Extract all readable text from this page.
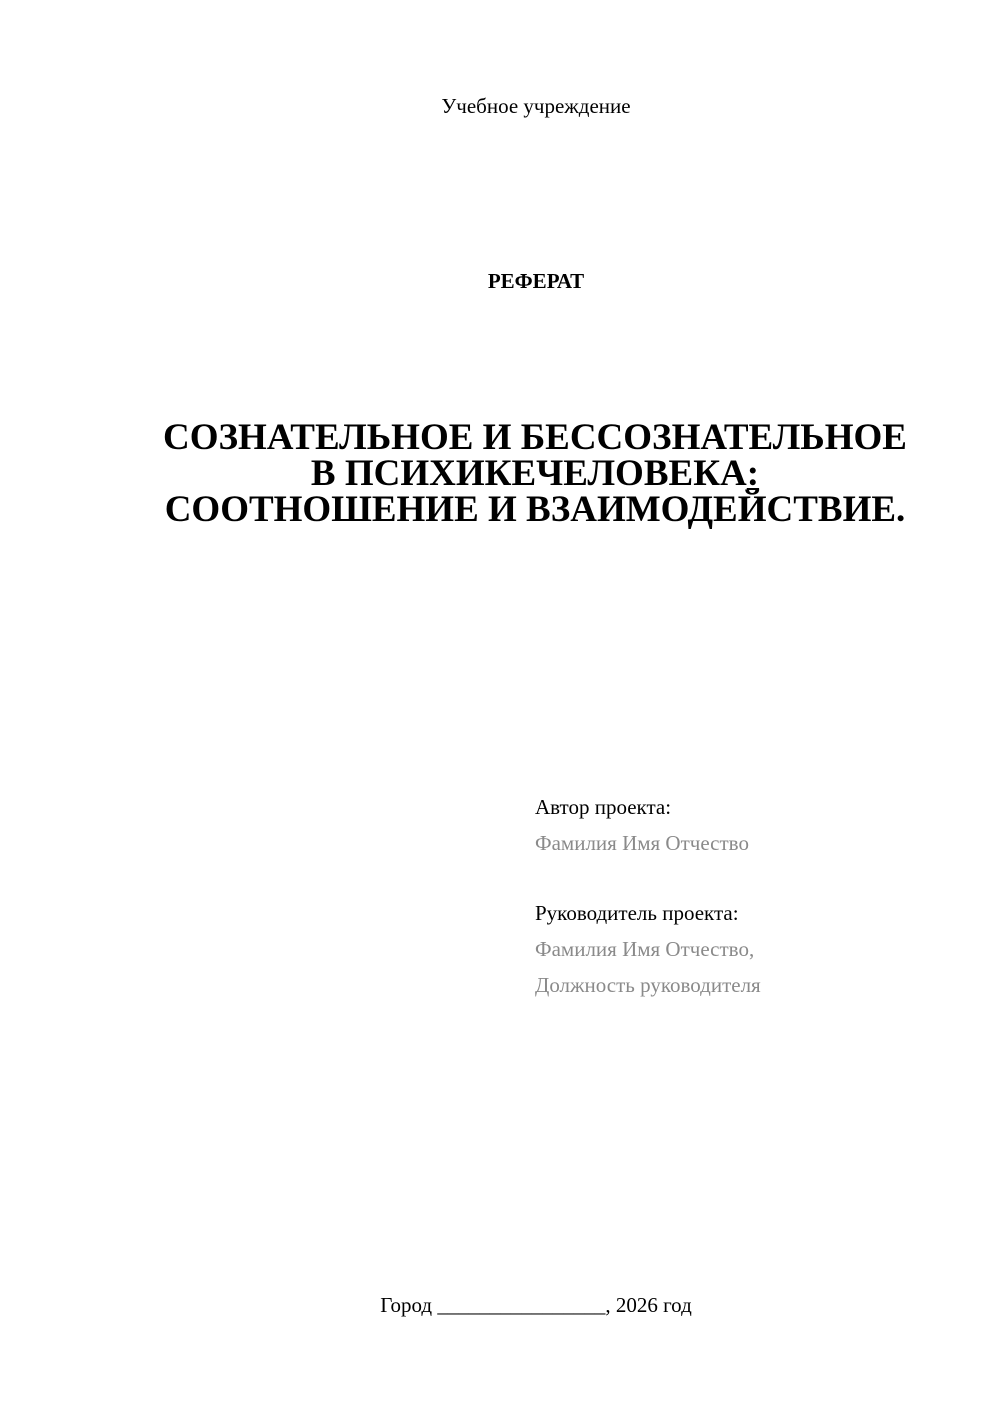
Учебное учреждение
РЕФЕРАТ
СОЗНАТЕЛЬНОЕ И БЕССОЗНАТЕЛЬНОЕ
В ПСИХИКЕЧЕЛОВЕКА:
СООТНОШЕНИЕ И ВЗАИМОДЕЙСТВИЕ.
Автор проекта:
Фамилия Имя Отчество
Руководитель проекта:
Фамилия Имя Отчество,
Должность руководителя
Город ________________, 2026 год
